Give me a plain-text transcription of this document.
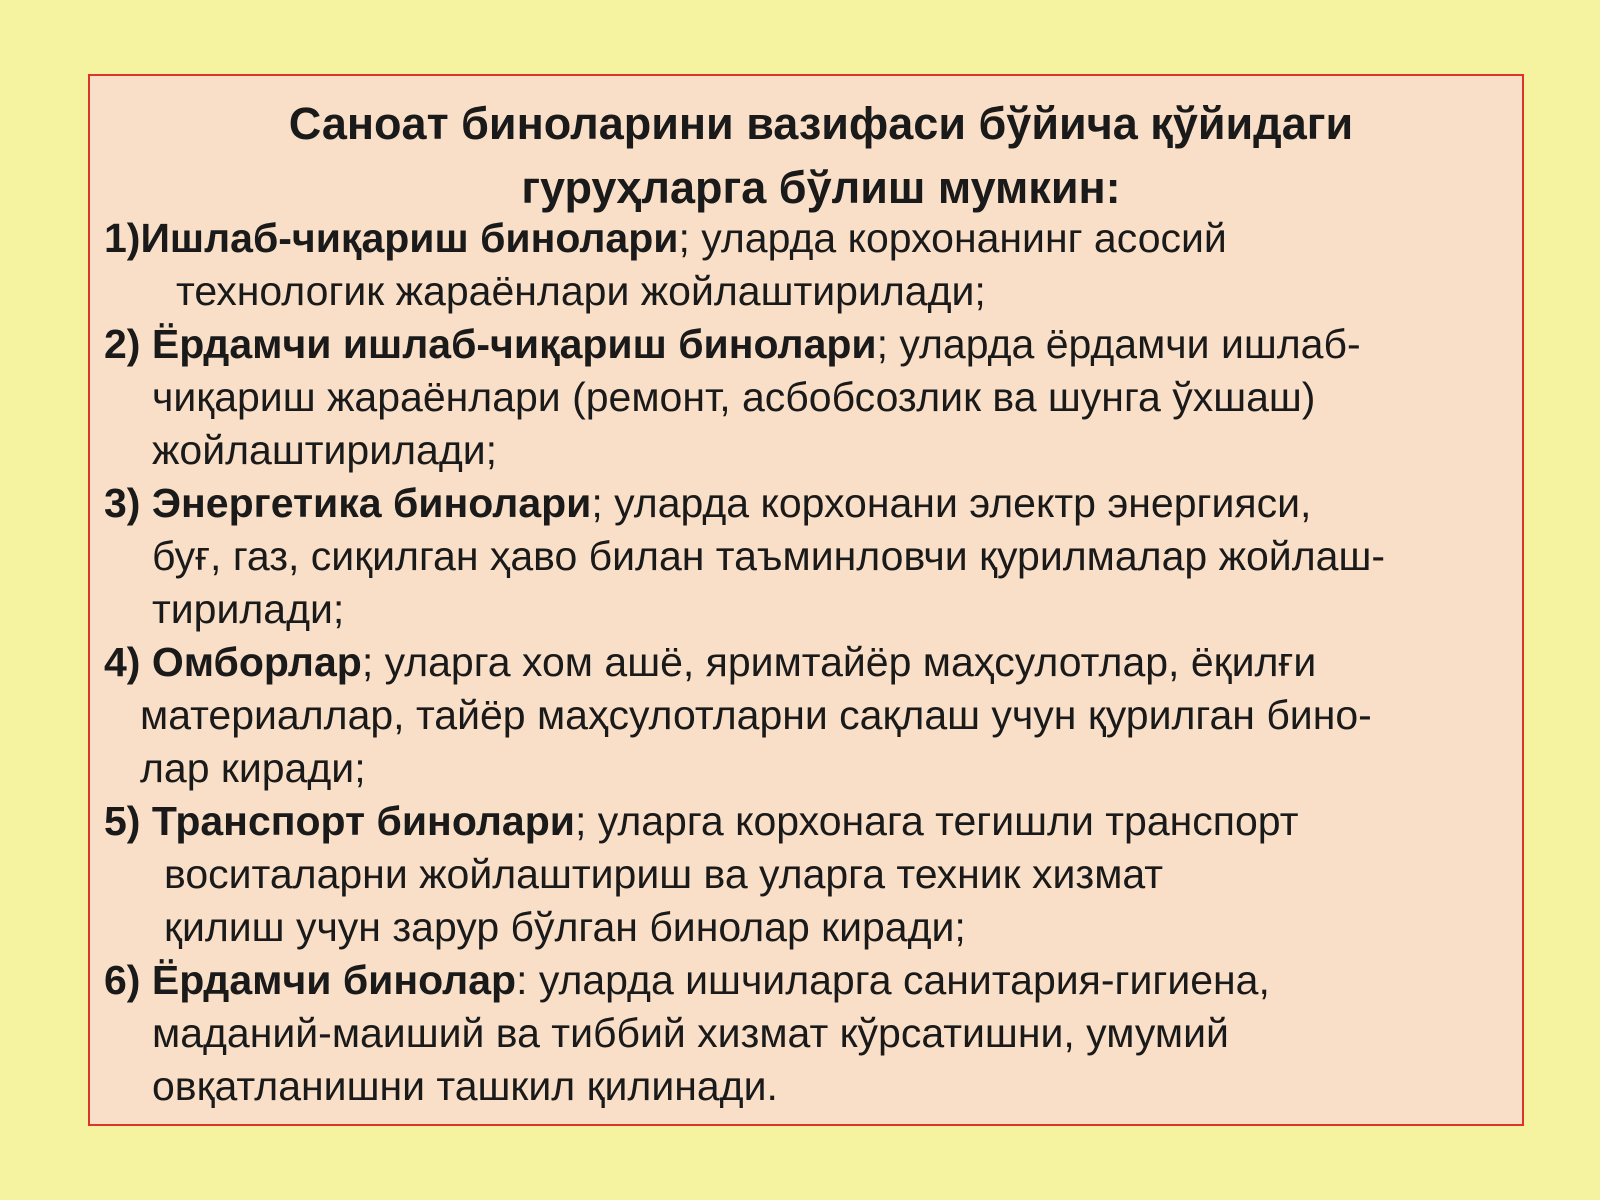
Саноат биноларини вазифаси бўйича қўйидаги
гуруҳларга бўлиш мумкин:
1)Ишлаб-чиқариш бинолари; уларда корхонанинг асосий
технологик жараёнлари жойлаштирилади;
2) Ёрдамчи ишлаб-чиқариш бинолари; уларда ёрдамчи ишлаб-
чиқариш жараёнлари (ремонт, асбобсозлик ва шунга ўхшаш)
жойлаштирилади;
3) Энергетика бинолари; уларда корхонани электр энергияси,
буғ, газ, сиқилган ҳаво билан таъминловчи қурилмалар жойлаш-
тирилади;
4) Омборлар; уларга хом ашё, яримтайёр маҳсулотлар, ёқилғи
материаллар, тайёр маҳсулотларни сақлаш учун қурилган бино-
лар киради;
5) Транспорт бинолари; уларга корхонага тегишли транспорт
воситаларни жойлаштириш ва уларга техник хизмат
қилиш учун зарур бўлган бинолар киради;
6) Ёрдамчи бинолар: уларда ишчиларга санитария-гигиена,
маданий-маиший ва тиббий хизмат кўрсатишни, умумий
овқатланишни ташкил қилинади.
